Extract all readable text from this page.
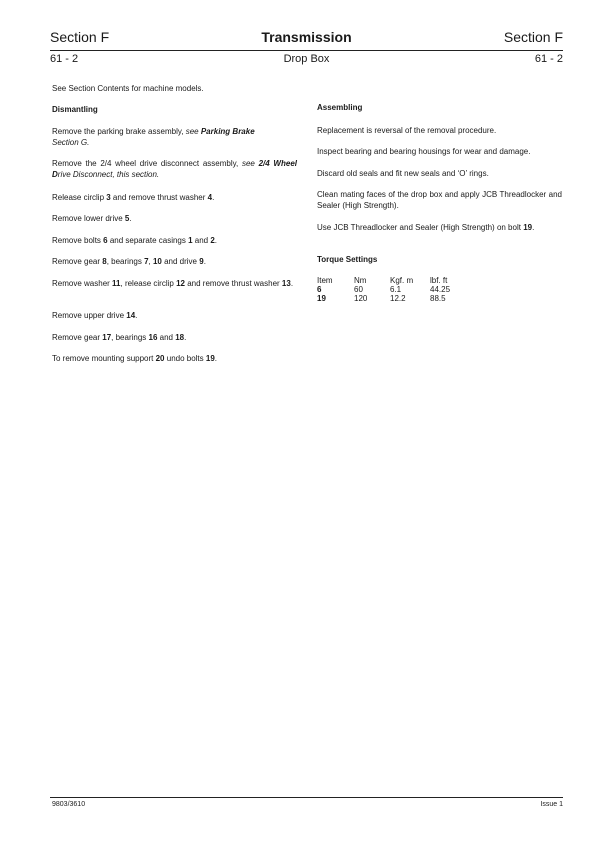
Section F	Transmission	Section F
61 - 2	Drop Box	61 - 2

See Section Contents for machine models.

Dismantling

Remove the parking brake assembly, see Parking Brake
Section G.

Remove the 2/4 wheel drive disconnect assembly, see 2/4 Wheel Drive Disconnect, this section.

Release circlip 3 and remove thrust washer 4.

Remove lower drive 5.

Remove bolts 6 and separate casings 1 and 2.

Remove gear 8, bearings 7, 10 and drive 9.

Remove washer 11, release circlip 12 and remove thrust washer 13.

Remove upper drive 14.

Remove gear 17, bearings 16 and 18.

To remove mounting support 20 undo bolts 19.

Assembling

Replacement is reversal of the removal procedure.

Inspect bearing and bearing housings for wear and damage.

Discard old seals and fit new seals and ‘O’ rings.

Clean mating faces of the drop box and apply JCB Threadlocker and Sealer (High Strength).

Use JCB Threadlocker and Sealer (High Strength) on bolt 19.

Torque Settings

Item	Nm	Kgf. m	lbf. ft
6	60	6.1	44.25
19	120	12.2	88.5
9803/3610	Issue 1
